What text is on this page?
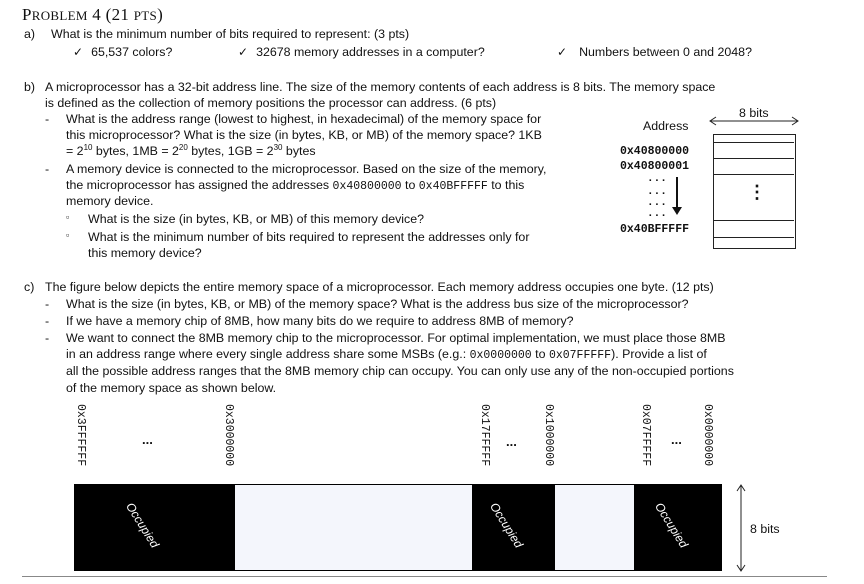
PROBLEM 4 (21 PTS)
a) What is the minimum number of bits required to represent: (3 pts)
✓ 65,537 colors?	✓ 32678 memory addresses in a computer?	✓ Numbers between 0 and 2048?
b) A microprocessor has a 32-bit address line. The size of the memory contents of each address is 8 bits. The memory space
is defined as the collection of memory positions the processor can address. (6 pts)
- What is the address range (lowest to highest, in hexadecimal) of the memory space for
this microprocessor? What is the size (in bytes, KB, or MB) of the memory space? 1KB
= $2^{10}$ bytes, $1MB = 2^{20}$ bytes, $1GB = 2^{30}$ bytes
- A memory device is connected to the microprocessor. Based on the size of the memory,
the microprocessor has assigned the addresses 0x40800000 to 0x40BFFFFF to this
memory device.
▫ What is the size (in bytes, KB, or MB) of this memory device?
▫ What is the minimum number of bits required to represent the addresses only for
this memory device?
Address
8 bits
⋮
0x40800000
0x40800001
...
...
...
...
0x40BFFFFF
c) The figure below depicts the entire memory space of a microprocessor. Each memory address occupies one byte. (12 pts)
- What is the size (in bytes, KB, or MB) of the memory space? What is the address bus size of the microprocessor?
- If we have a memory chip of 8MB, how many bits do we require to address 8MB of memory?
- We want to connect the 8MB memory chip to the microprocessor. For optimal implementation, we must place those 8MB
in an address range where every single address share some MSBs (e.g.: 0x0000000 to 0x07FFFFF). Provide a list of
all the possible address ranges that the 8MB memory chip can occupy. You can only use any of the non-occupied portions
of the memory space as shown below.
0x3FFFFFF	0x3000000	0x17FFFFF	0x1000000	0x07FFFFF	0x0000000
...	...	...
Occupied	Occupied	Occupied	8 bits
